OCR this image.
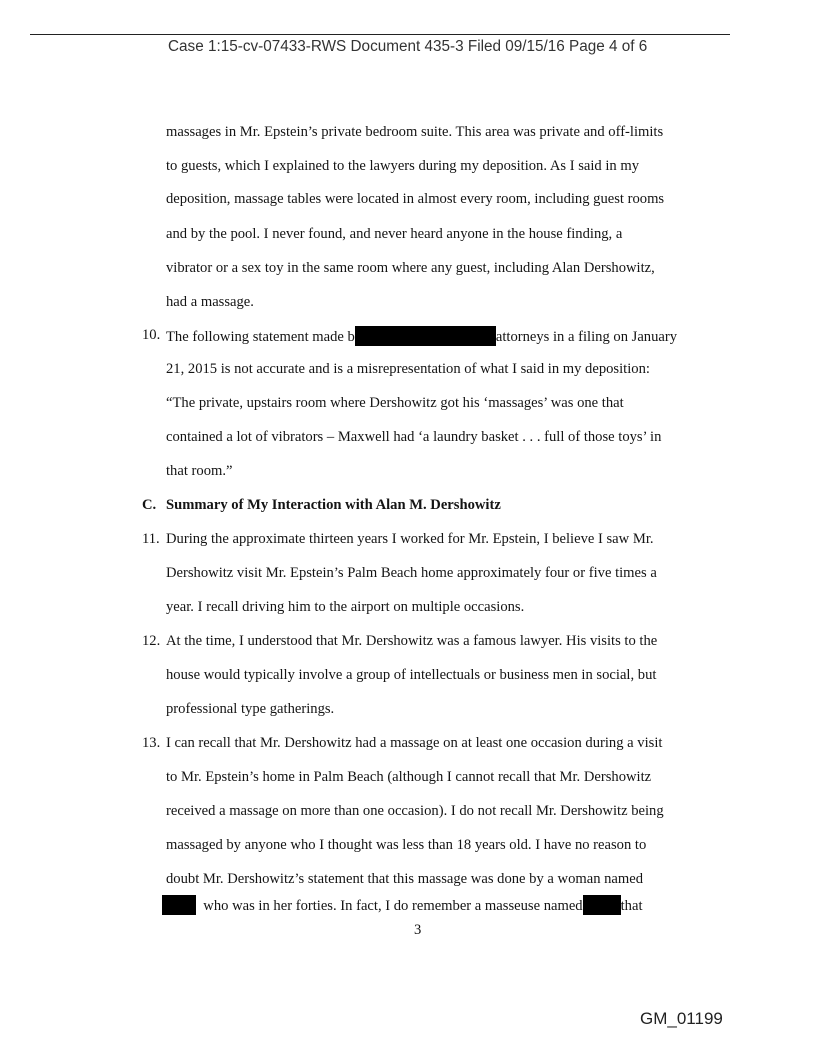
Case 1:15-cv-07433-RWS Document 435-3 Filed 09/15/16 Page 4 of 6
massages in Mr. Epstein’s private bedroom suite. This area was private and off-limits
to guests, which I explained to the lawyers during my deposition. As I said in my
deposition, massage tables were located in almost every room, including guest rooms
and by the pool. I never found, and never heard anyone in the house finding, a
vibrator or a sex toy in the same room where any guest, including Alan Dershowitz,
had a massage.
10. The following statement made b	attorneys in a filing on January
21, 2015 is not accurate and is a misrepresentation of what I said in my deposition:
“The private, upstairs room where Dershowitz got his ‘massages’ was one that
contained a lot of vibrators – Maxwell had ‘a laundry basket . . . full of those toys’ in
that room.”
C. Summary of My Interaction with Alan M. Dershowitz
11. During the approximate thirteen years I worked for Mr. Epstein, I believe I saw Mr.
Dershowitz visit Mr. Epstein’s Palm Beach home approximately four or five times a
year. I recall driving him to the airport on multiple occasions.
12. At the time, I understood that Mr. Dershowitz was a famous lawyer. His visits to the
house would typically involve a group of intellectuals or business men in social, but
professional type gatherings.
13. I can recall that Mr. Dershowitz had a massage on at least one occasion during a visit
to Mr. Epstein’s home in Palm Beach (although I cannot recall that Mr. Dershowitz
received a massage on more than one occasion). I do not recall Mr. Dershowitz being
massaged by anyone who I thought was less than 18 years old. I have no reason to
doubt Mr. Dershowitz’s statement that this massage was done by a woman named
who was in her forties. In fact, I do remember a masseuse named	that
3
GM_01199
